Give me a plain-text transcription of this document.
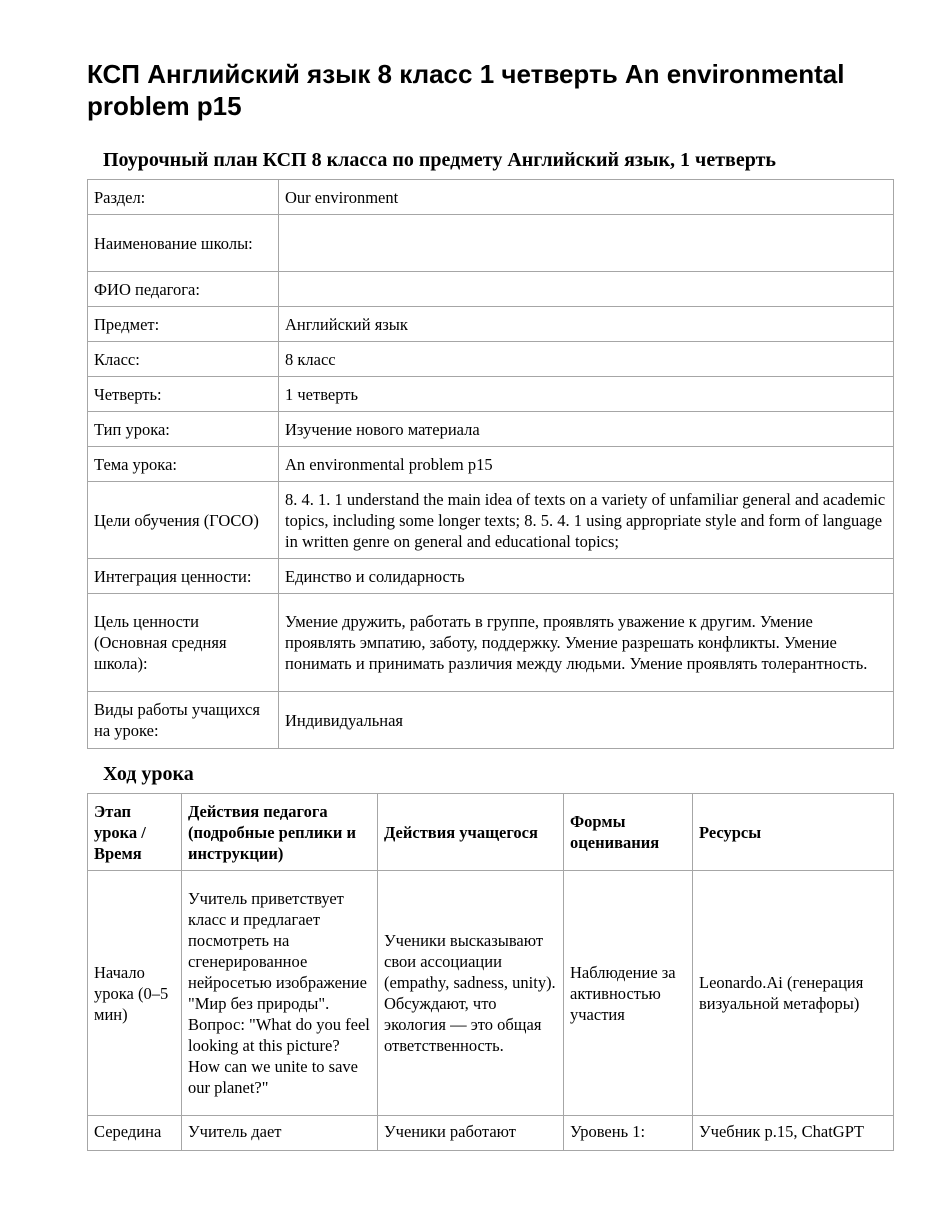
КСП Английский язык 8 класс 1 четверть An environmental problem p15
Поурочный план КСП 8 класса по предмету Английский язык, 1 четверть
Раздел:	Our environment
Наименование школы:	
ФИО педагога:	
Предмет:	Английский язык
Класс:	8 класс
Четверть:	1 четверть
Тип урока:	Изучение нового материала
Тема урока:	An environmental problem p15
Цели обучения (ГОСО)	8. 4. 1. 1 understand the main idea of texts on a variety of unfamiliar general and academic topics, including some longer texts; 8. 5. 4. 1 using appropriate style and form of language in written genre on general and educational topics;
Интеграция ценности:	Единство и солидарность
Цель ценности (Основная средняя школа):	Умение дружить, работать в группе, проявлять уважение к другим. Умение проявлять эмпатию, заботу, поддержку. Умение разрешать конфликты. Умение понимать и принимать различия между людьми. Умение проявлять толерантность.
Виды работы учащихся на уроке:	Индивидуальная
Ход урока
Этап урока / Время	Действия педагога (подробные реплики и инструкции)	Действия учащегося	Формы оценивания	Ресурсы
Начало урока (0–5 мин)	Учитель приветствует класс и предлагает посмотреть на сгенерированное нейросетью изображение "Мир без природы". Вопрос: "What do you feel looking at this picture? How can we unite to save our planet?"	Ученики высказывают свои ассоциации (empathy, sadness, unity). Обсуждают, что экология — это общая ответственность.	Наблюдение за активностью участия	Leonardo.Ai (генерация визуальной метафоры)
Середина	Учитель дает	Ученики работают	Уровень 1:	Учебник p.15, ChatGPT
